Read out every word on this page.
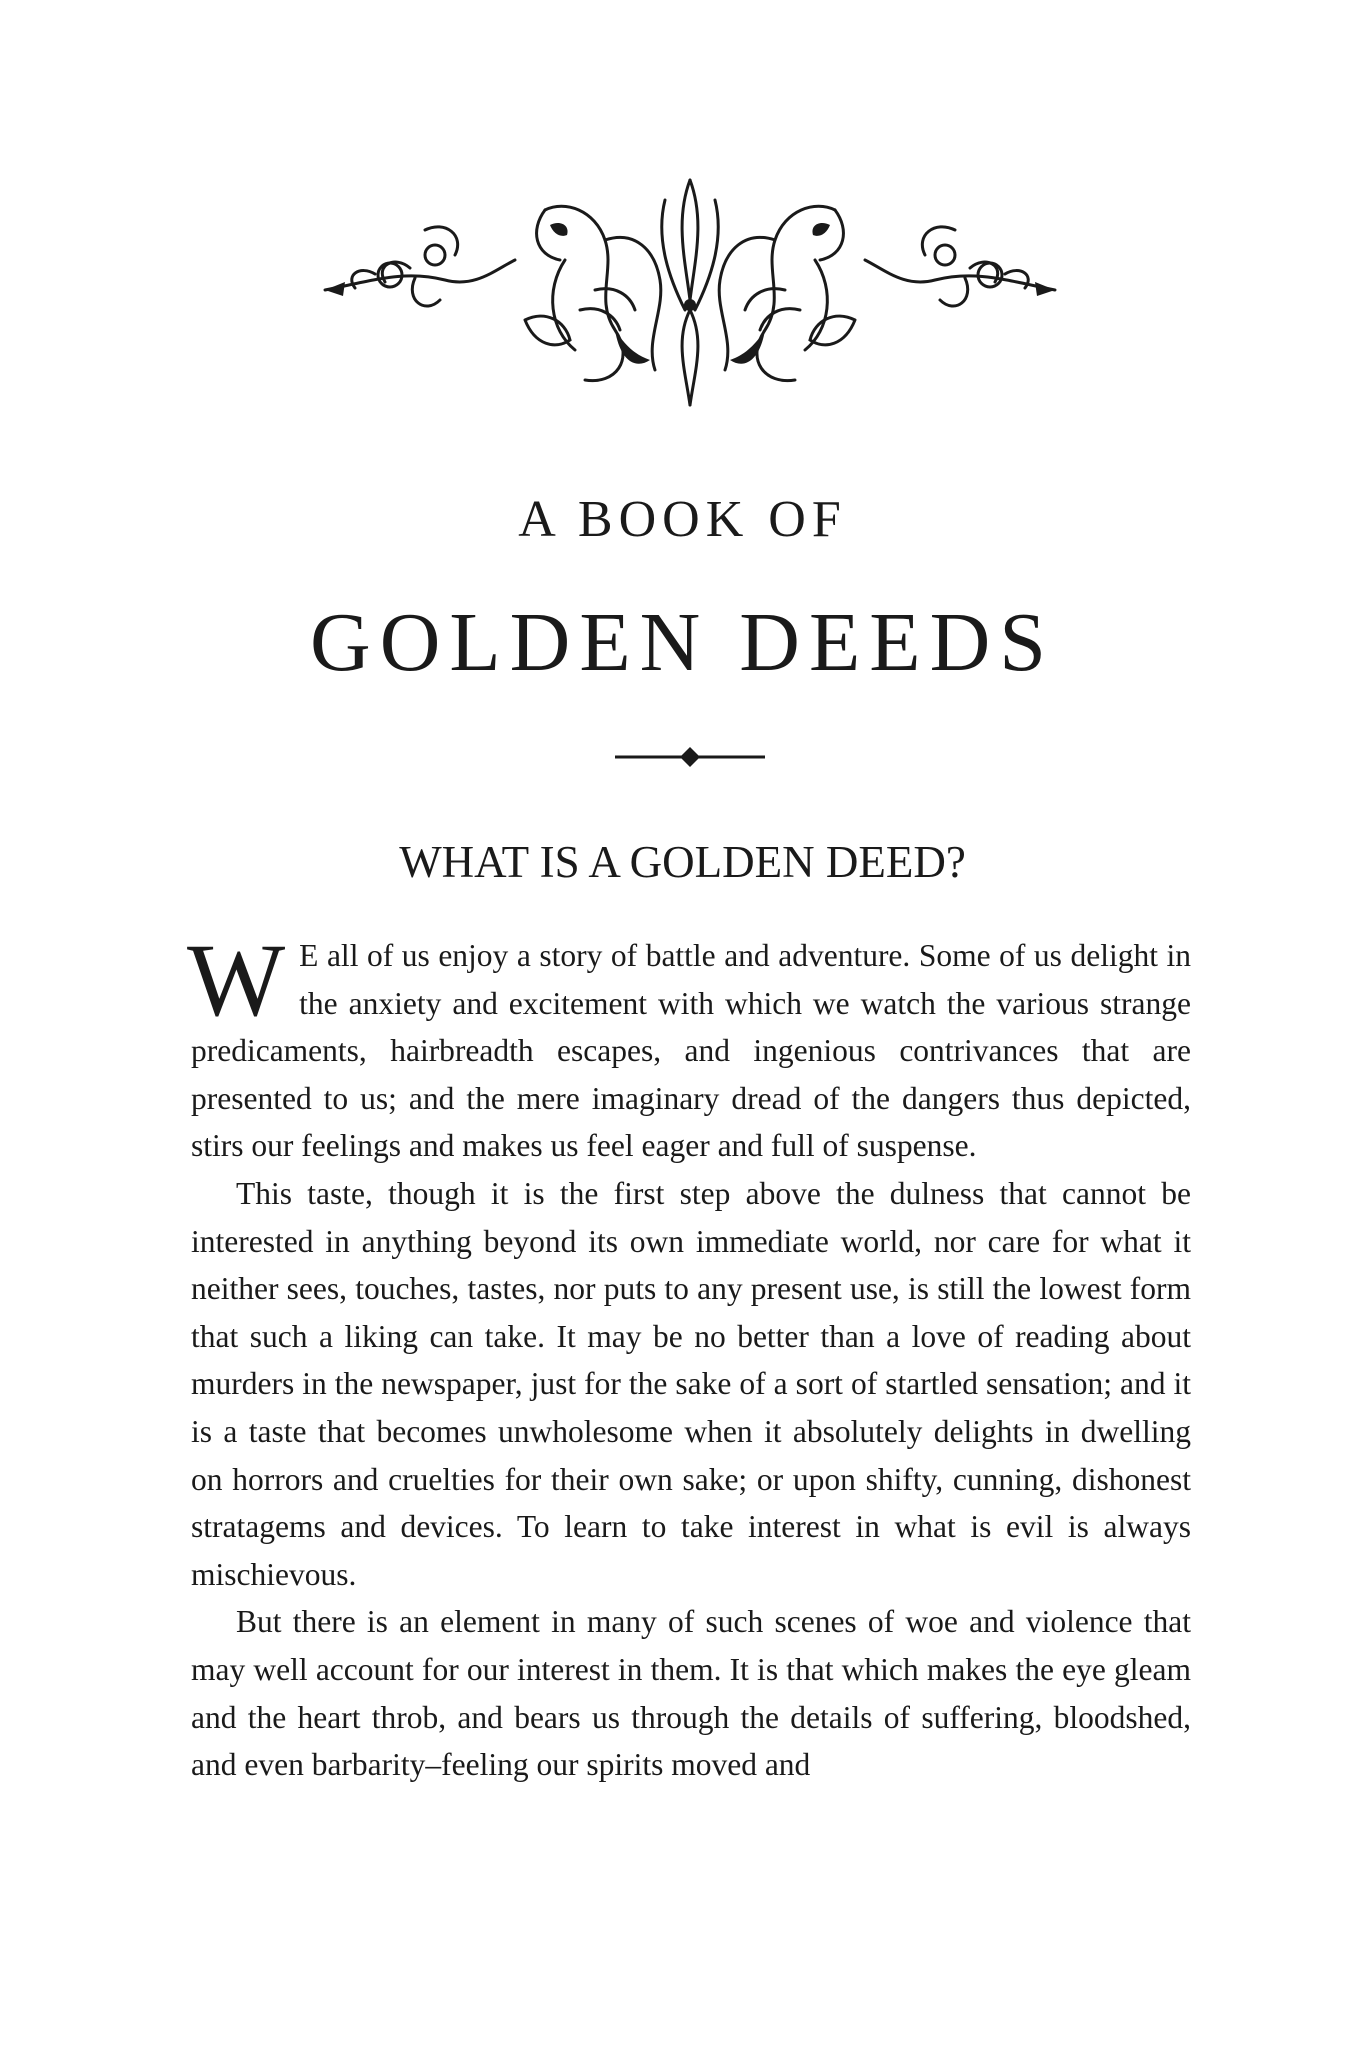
A BOOK OF
GOLDEN DEEDS
WHAT IS A GOLDEN DEED?

W E all of us enjoy a story of battle and adventure. Some of us delight in the anxiety and excitement with which we watch the various strange predicaments, hairbreadth escapes, and ingenious contrivances that are presented to us; and the mere imaginary dread of the dangers thus depicted, stirs our feelings and makes us feel eager and full of suspense.

This taste, though it is the first step above the dulness that cannot be interested in anything beyond its own immediate world, nor care for what it neither sees, touches, tastes, nor puts to any present use, is still the lowest form that such a liking can take. It may be no better than a love of reading about murders in the newspaper, just for the sake of a sort of startled sensation; and it is a taste that becomes unwholesome when it absolutely delights in dwelling on horrors and cruelties for their own sake; or upon shifty, cunning, dishonest stratagems and devices. To learn to take interest in what is evil is always mischievous.

But there is an element in many of such scenes of woe and violence that may well account for our interest in them. It is that which makes the eye gleam and the heart throb, and bears us through the details of suffering, bloodshed, and even barbarity–feeling our spirits moved and
